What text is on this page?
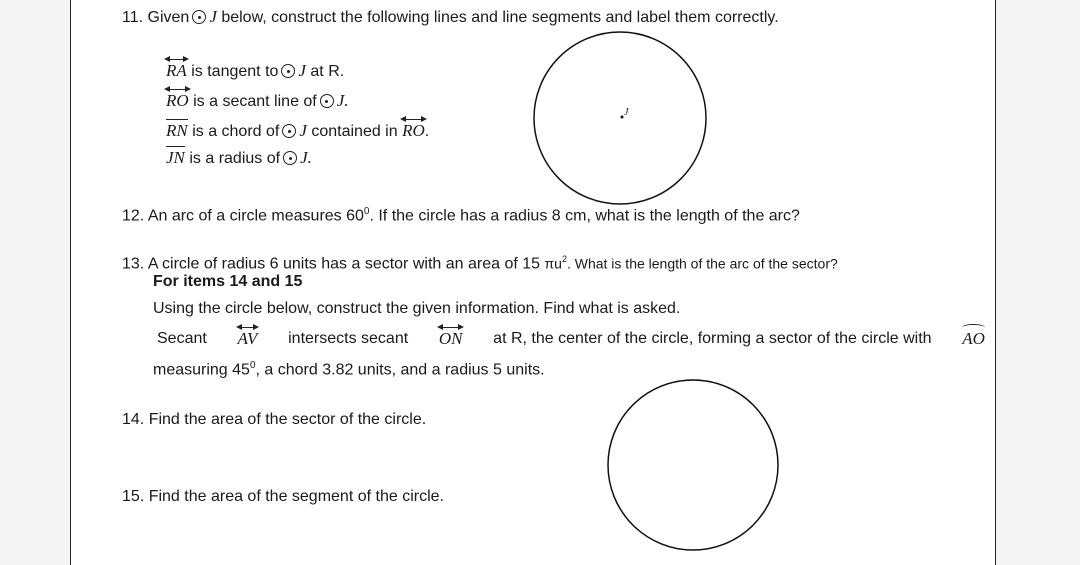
11. Given J below, construct the following lines and line segments and label them correctly.
RA is tangent to J at R.
RO is a secant line of J.
RN is a chord of J contained in RO.
JN is a radius of J.
J
12. An arc of a circle measures $60^0$. If the circle has a radius 8 cm, what is the length of the arc?
13. A circle of radius 6 units has a sector with an area of 15 $\pi u^2$. What is the length of the arc of the sector?
For items 14 and 15
Using the circle below, construct the given information. Find what is asked.
Secant AV intersects secant ON at R, the center of the circle, forming a sector of the circle with AO
measuring $45^0$, a chord 3.82 units, and a radius 5 units.
14. Find the area of the sector of the circle.
15. Find the area of the segment of the circle.
